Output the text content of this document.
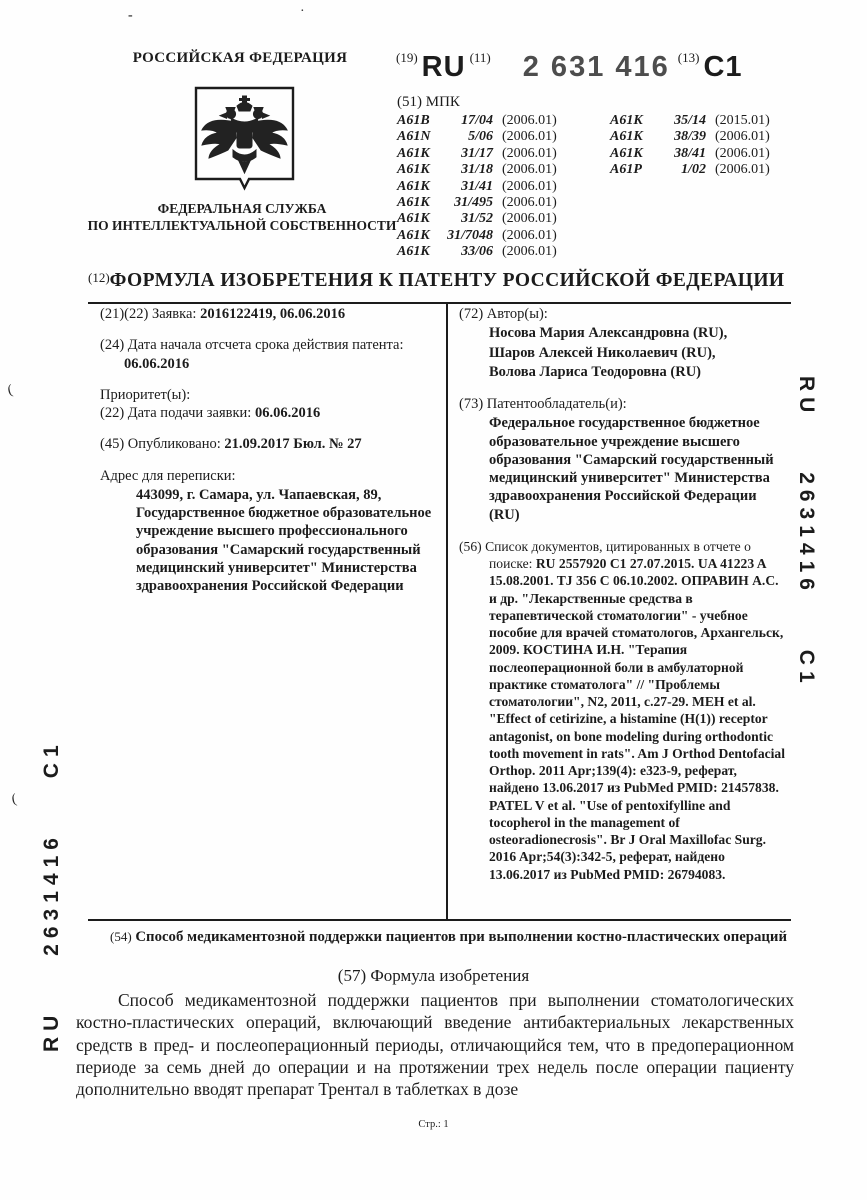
(
(
-	·
РОССИЙСКАЯ ФЕДЕРАЦИЯ
ФЕДЕРАЛЬНАЯ СЛУЖБА
ПО ИНТЕЛЛЕКТУАЛЬНОЙ СОБСТВЕННОСТИ
$^{(19)}$ RU $^{(11)}$ 2 631 416 $^{(13)}$ C1
(51) МПК
A61B	17/04 (2006.01)
A61N	5/06 (2006.01)
A61K	31/17 (2006.01)
A61K	31/18 (2006.01)
A61K	31/41 (2006.01)
A61K	31/495 (2006.01)
A61K	31/52 (2006.01)
A61K	31/7048 (2006.01)
A61K	33/06 (2006.01)
A61K	35/14 (2015.01)
A61K	38/39 (2006.01)
A61K	38/41 (2006.01)
A61P	1/02 (2006.01)
$^{(12)}$ФОРМУЛА ИЗОБРЕТЕНИЯ К ПАТЕНТУ РОССИЙСКОЙ ФЕДЕРАЦИИ
(21)(22) Заявка: 2016122419, 06.06.2016
(24) Дата начала отсчета срока действия патента: 06.06.2016
Приоритет(ы):
(22) Дата подачи заявки: 06.06.2016
(45) Опубликовано: 21.09.2017 Бюл. № 27
Адрес для переписки:
443099, г. Самара, ул. Чапаевская, 89, Государственное бюджетное образовательное учреждение высшего профессионального образования "Самарский государственный медицинский университет" Министерства здравоохранения Российской Федерации
(72) Автор(ы):
Носова Мария Александровна (RU),
Шаров Алексей Николаевич (RU),
Волова Лариса Теодоровна (RU)
(73) Патентообладатель(и):
Федеральное государственное бюджетное образовательное учреждение высшего образования "Самарский государственный медицинский университет" Министерства здравоохранения Российской Федерации (RU)
(56) Список документов, цитированных в отчете о поиске: RU 2557920 C1 27.07.2015. UA 41223 A 15.08.2001. TJ 356 C 06.10.2002. ОПРАВИН А.С. и др. "Лекарственные средства в терапевтической стоматологии" - учебное пособие для врачей стоматологов, Архангельск, 2009. КОСТИНА И.Н. "Терапия послеоперационной боли в амбулаторной практике стоматолога" // "Проблемы стоматологии", N2, 2011, с.27-29. MEH et al. "Effect of cetirizine, a histamine (H(1)) receptor antagonist, on bone modeling during orthodontic tooth movement in rats". Am J Orthod Dentofacial Orthop. 2011 Apr;139(4): e323-9, реферат, найдено 13.06.2017 из PubMed PMID: 21457838. PATEL V et al. "Use of pentoxifylline and tocopherol in the management of osteoradionecrosis". Br J Oral Maxillofac Surg. 2016 Apr;54(3):342-5, реферат, найдено 13.06.2017 из PubMed PMID: 26794083.
(54) Способ медикаментозной поддержки пациентов при выполнении костно-пластических операций
(57) Формула изобретения
Способ медикаментозной поддержки пациентов при выполнении стоматологических костно-пластических операций, включающий введение антибактериальных лекарственных средств в пред- и послеоперационный периоды, отличающийся тем, что в предоперационном периоде за семь дней до операции и на протяжении трех недель после операции пациенту дополнительно вводят препарат Трентал в таблетках в дозе
Стр.: 1
RU 2631416 C1
RU 2631416 C1
